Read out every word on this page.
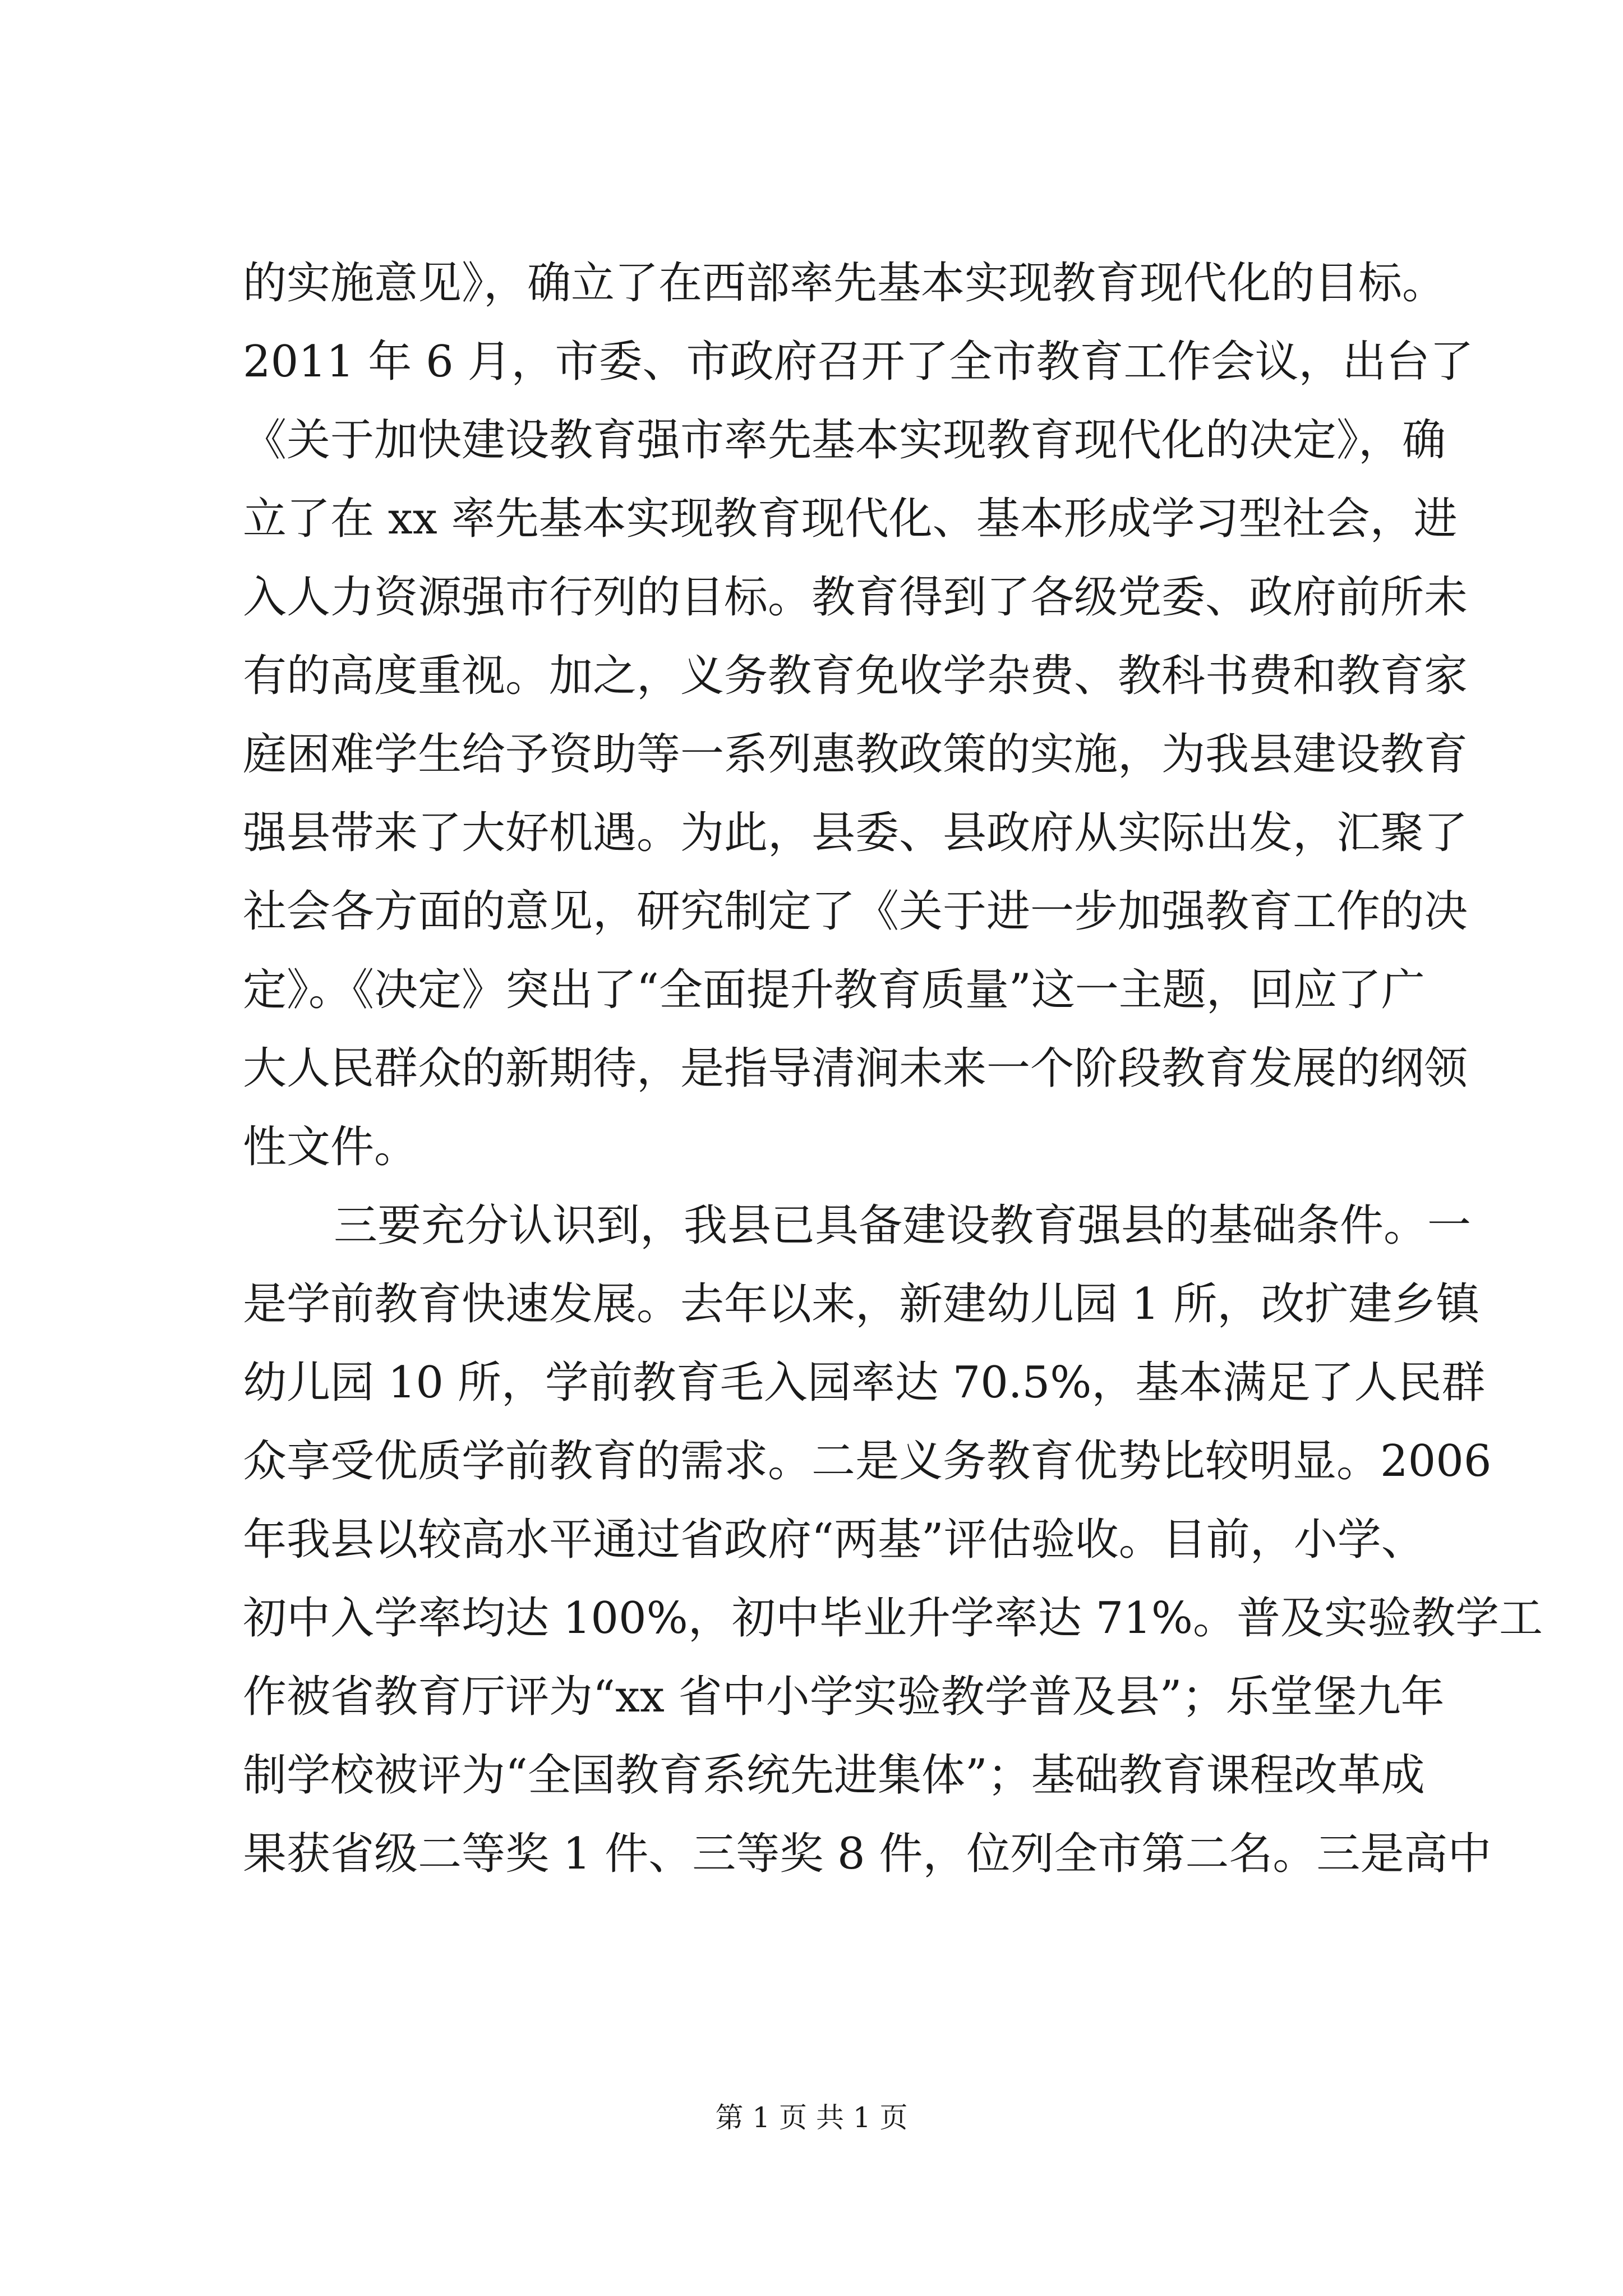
的实施意见》，确立了在西部率先基本实现教育现代化的目标。
2011 年 6 月，市委、市政府召开了全市教育工作会议，出台了
《关于加快建设教育强市率先基本实现教育现代化的决定》，确
立了在 xx 率先基本实现教育现代化、基本形成学习型社会，进
入人力资源强市行列的目标。教育得到了各级党委、政府前所未
有的高度重视。加之，义务教育免收学杂费、教科书费和教育家
庭困难学生给予资助等一系列惠教政策的实施，为我县建设教育
强县带来了大好机遇。为此，县委、县政府从实际出发，汇聚了
社会各方面的意见，研究制定了《关于进一步加强教育工作的决
定》。《决定》突出了“全面提升教育质量”这一主题，回应了广
大人民群众的新期待，是指导清涧未来一个阶段教育发展的纲领
性文件。
三要充分认识到，我县已具备建设教育强县的基础条件。一
是学前教育快速发展。去年以来，新建幼儿园 1 所，改扩建乡镇
幼儿园 10 所，学前教育毛入园率达 70.5%，基本满足了人民群
众享受优质学前教育的需求。二是义务教育优势比较明显。2006
年我县以较高水平通过省政府“两基”评估验收。目前，小学、
初中入学率均达 100%，初中毕业升学率达 71%。普及实验教学工
作被省教育厅评为“xx 省中小学实验教学普及县”；乐堂堡九年
制学校被评为“全国教育系统先进集体”；基础教育课程改革成
果获省级二等奖 1 件、三等奖 8 件，位列全市第二名。三是高中
第 1 页 共 1 页
